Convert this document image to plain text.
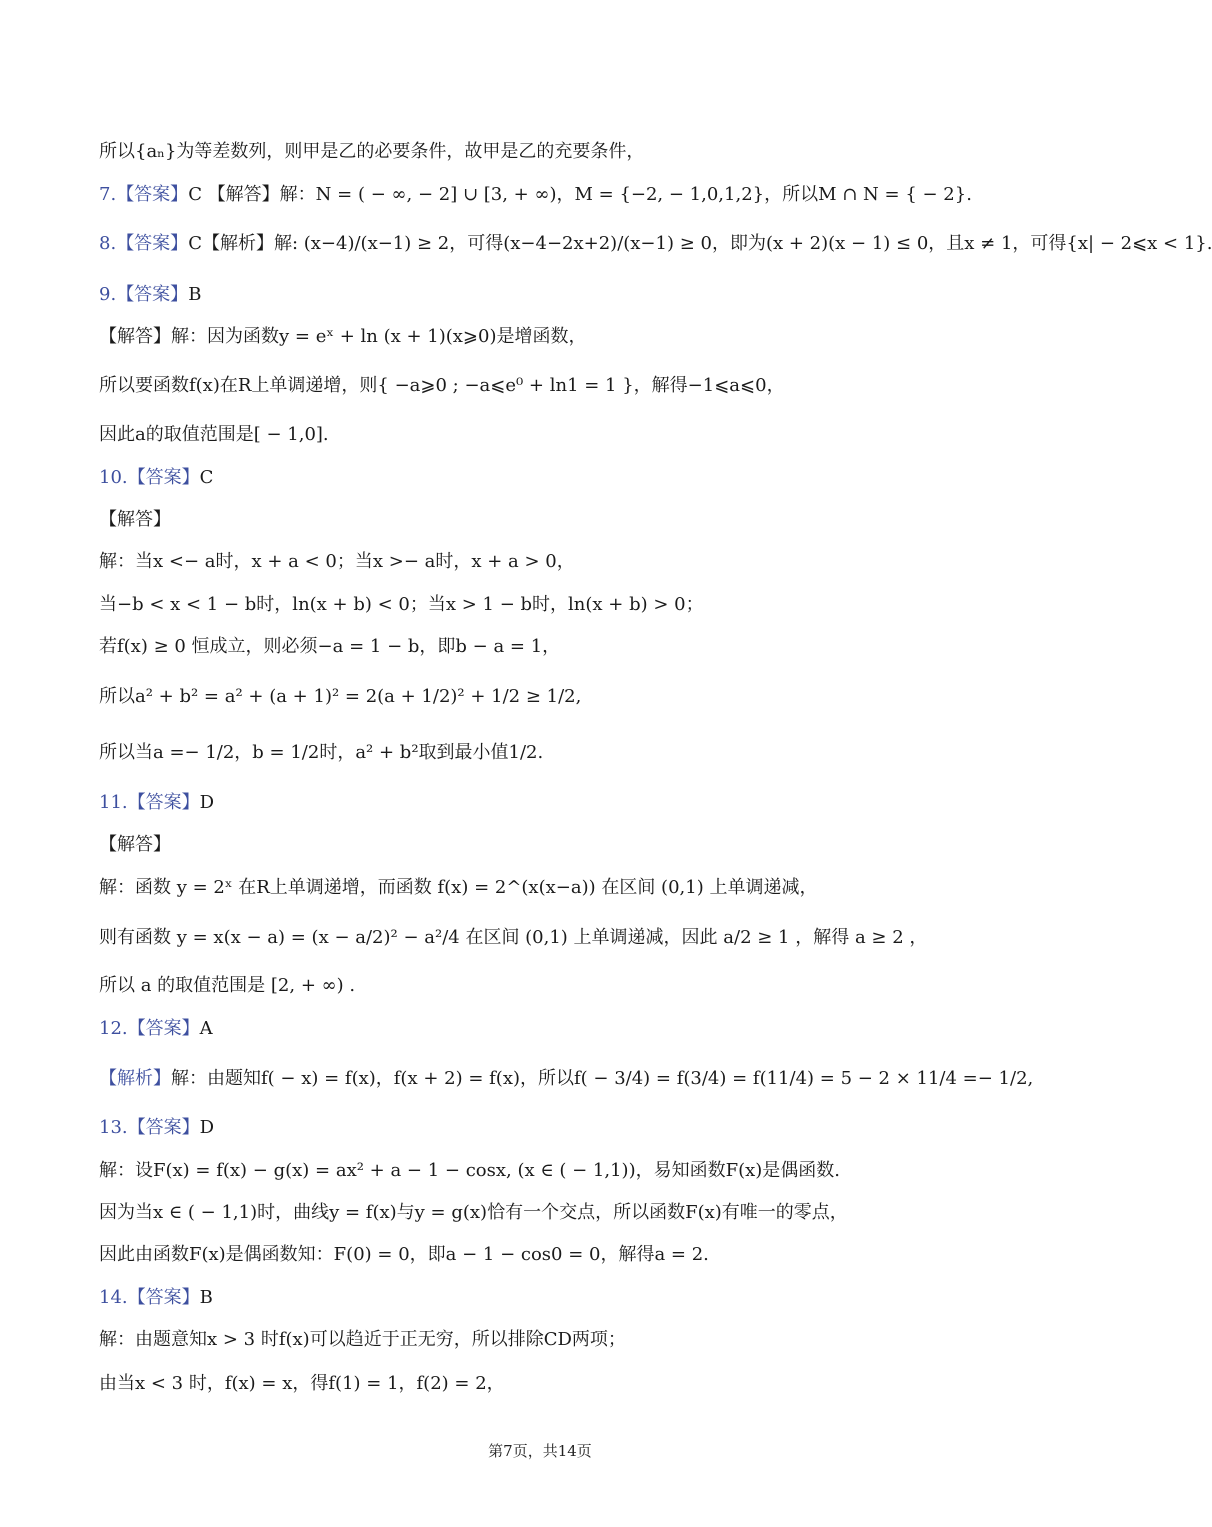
所以{aₙ}为等差数列，则甲是乙的必要条件，故甲是乙的充要条件，
7.【答案】C 【解答】解：N = ( − ∞, − 2] ∪ [3, + ∞)，M = {−2, − 1,0,1,2}，所以M ∩ N = { − 2}.
8.【答案】C【解析】解: (x−4)/(x−1) ≥ 2，可得(x−4−2x+2)/(x−1) ≥ 0，即为(x + 2)(x − 1) ≤ 0，且x ≠ 1，可得{x| − 2⩽x < 1}.
9.【答案】B
【解答】解：因为函数y = eˣ + ln (x + 1)(x⩾0)是增函数，
所以要函数f(x)在R上单调递增，则{ −a⩾0 ; −a⩽e⁰ + ln1 = 1 }，解得−1⩽a⩽0，
因此a的取值范围是[ − 1,0].
10.【答案】C
【解答】
解：当x <− a时，x + a < 0；当x >− a时，x + a > 0，
当−b < x < 1 − b时，ln(x + b) < 0；当x > 1 − b时，ln(x + b) > 0；
若f(x) ≥ 0 恒成立，则必须−a = 1 − b，即b − a = 1，
所以a² + b² = a² + (a + 1)² = 2(a + 1/2)² + 1/2 ≥ 1/2,
所以当a =− 1/2，b = 1/2时，a² + b²取到最小值1/2.
11.【答案】D
【解答】
解：函数 y = 2ˣ 在R上单调递增，而函数 f(x) = 2^(x(x−a)) 在区间 (0,1) 上单调递减，
则有函数 y = x(x − a) = (x − a/2)² − a²/4 在区间 (0,1) 上单调递减，因此 a/2 ≥ 1 ，解得 a ≥ 2 ，
所以 a 的取值范围是 [2, + ∞) .
12.【答案】A
【解析】解：由题知f( − x) = f(x)，f(x + 2) = f(x)，所以f( − 3/4) = f(3/4) = f(11/4) = 5 − 2 × 11/4 =− 1/2,
13.【答案】D
解：设F(x) = f(x) − g(x) = ax² + a − 1 − cosx, (x ∈ ( − 1,1))，易知函数F(x)是偶函数.
因为当x ∈ ( − 1,1)时，曲线y = f(x)与y = g(x)恰有一个交点，所以函数F(x)有唯一的零点，
因此由函数F(x)是偶函数知：F(0) = 0，即a − 1 − cos0 = 0，解得a = 2.
14.【答案】B
解：由题意知x > 3 时f(x)可以趋近于正无穷，所以排除CD两项；
由当x < 3 时，f(x) = x，得f(1) = 1，f(2) = 2，
第7页，共14页
